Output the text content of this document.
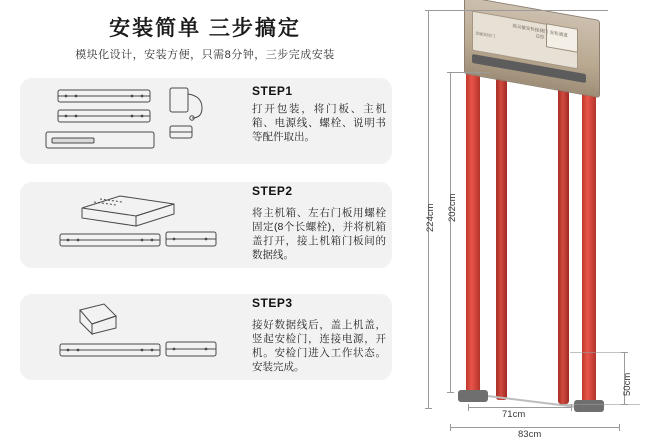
安装简单 三步搞定
模块化设计，安装方便，只需8分钟，三步完成安装
STEP1
打开包装，将门板、主机箱、电源线、螺栓、说明书等配件取出。
STEP2
将主机箱、左右门板用螺栓固定(8个长螺栓)，并将机箱盖打开，接上机箱门板间的数据线。
STEP3
接好数据线后，盖上机盖，竖起安检门，连接电源，开机。安检门进入工作状态。安装完成。
高灵敏安检探测门 安检通道 总控
金属安检门
224cm 202cm
71cm
83cm
50cm
